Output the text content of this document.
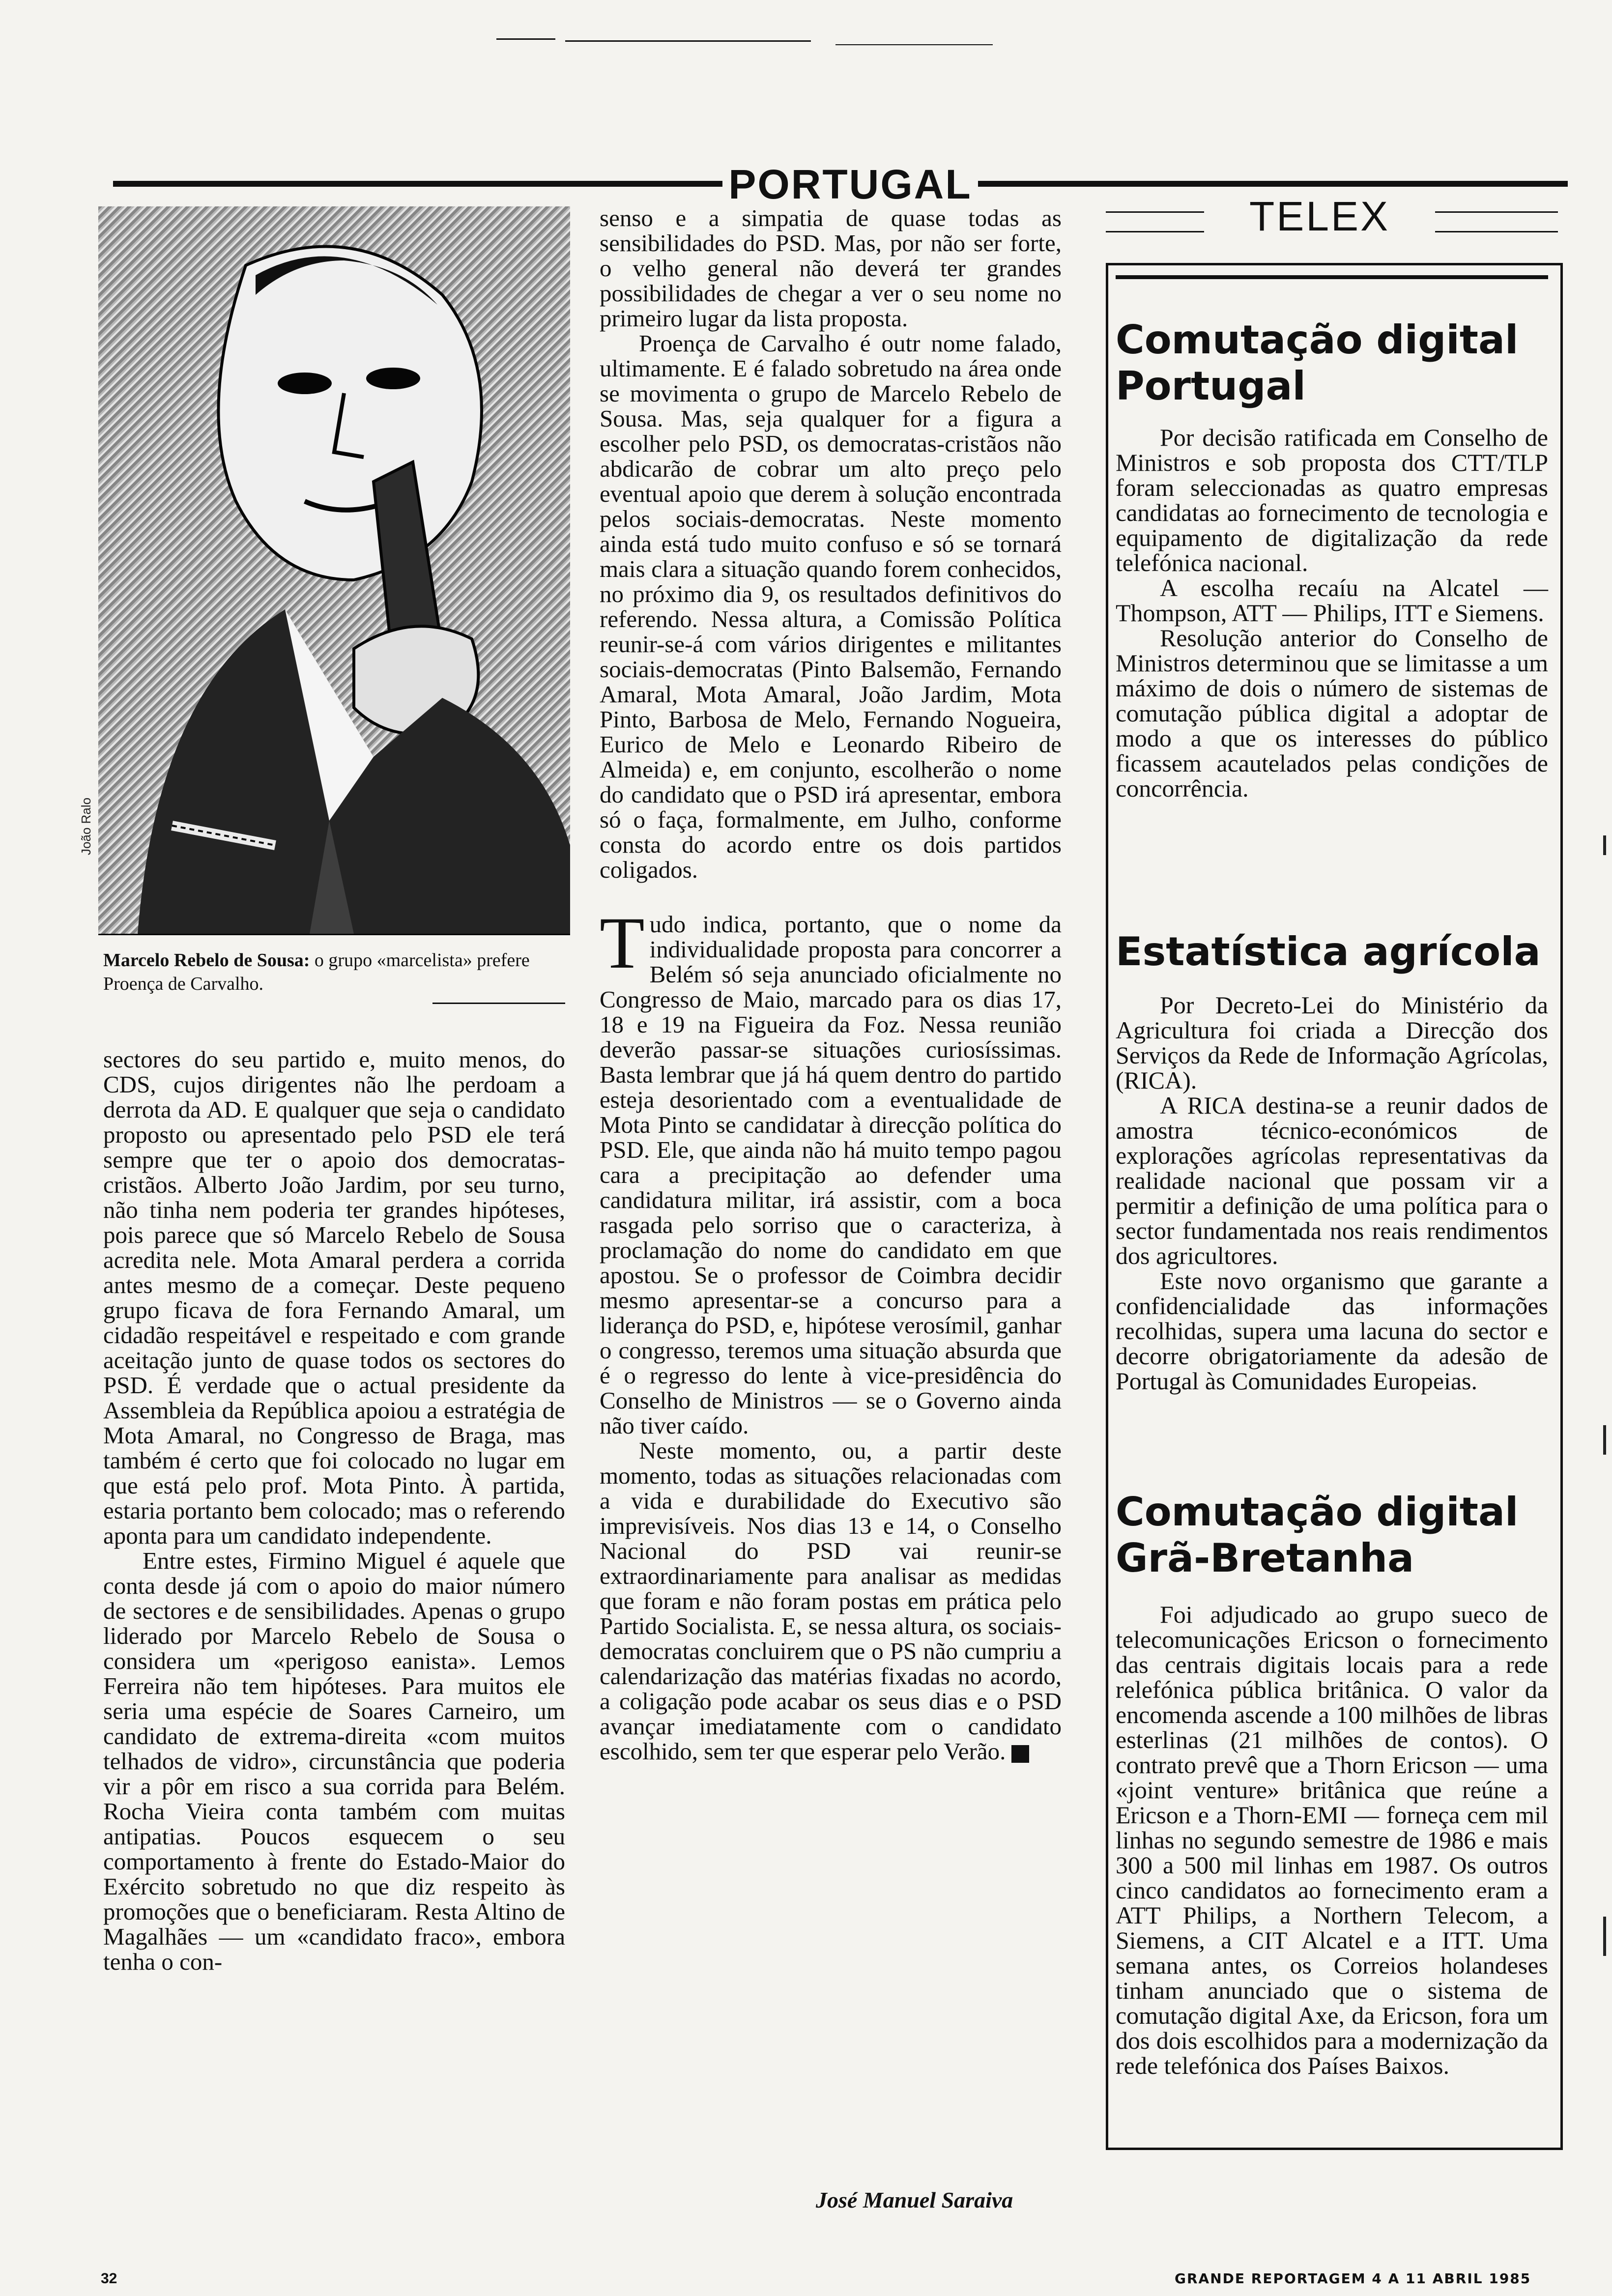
PORTUGAL
João Ralo
Marcelo Rebelo de Sousa: o grupo «marcelista» prefere Proença de Carvalho.

sectores do seu partido e, muito menos, do CDS, cujos dirigentes não lhe perdoam a derrota da AD. E qualquer que seja o candidato proposto ou apresentado pelo PSD ele terá sempre que ter o apoio dos democratas-cristãos. Alberto João Jardim, por seu turno, não tinha nem poderia ter grandes hipóteses, pois parece que só Marcelo Rebelo de Sousa acredita nele. Mota Amaral perdera a corrida antes mesmo de a começar. Deste pequeno grupo ficava de fora Fernando Amaral, um cidadão respeitável e respeitado e com grande aceitação junto de quase todos os sectores do PSD. É verdade que o actual presidente da Assembleia da República apoiou a estratégia de Mota Amaral, no Congresso de Braga, mas também é certo que foi colocado no lugar em que está pelo prof. Mota Pinto. À partida, estaria portanto bem colocado; mas o referendo aponta para um candidato independente.

Entre estes, Firmino Miguel é aquele que conta desde já com o apoio do maior número de sectores e de sensibilidades. Apenas o grupo liderado por Marcelo Rebelo de Sousa o considera um «perigoso eanista». Lemos Ferreira não tem hipóteses. Para muitos ele seria uma espécie de Soares Carneiro, um candidato de extrema-direita «com muitos telhados de vidro», circunstância que poderia vir a pôr em risco a sua corrida para Belém. Rocha Vieira conta também com muitas antipatias. Poucos esquecem o seu comportamento à frente do Estado-Maior do Exército sobretudo no que diz respeito às promoções que o beneficiaram. Resta Altino de Magalhães — um «candidato fraco», embora tenha o con-

senso e a simpatia de quase todas as sensibilidades do PSD. Mas, por não ser forte, o velho general não deverá ter grandes possibilidades de chegar a ver o seu nome no primeiro lugar da lista proposta.

Proença de Carvalho é outr nome falado, ultimamente. E é falado sobretudo na área onde se movimenta o grupo de Marcelo Rebelo de Sousa. Mas, seja qualquer for a figura a escolher pelo PSD, os democratas-cristãos não abdicarão de cobrar um alto preço pelo eventual apoio que derem à solução encontrada pelos sociais-democratas. Neste momento ainda está tudo muito confuso e só se tornará mais clara a situação quando forem conhecidos, no próximo dia 9, os resultados definitivos do referendo. Nessa altura, a Comissão Política reunir-se-á com vários dirigentes e militantes sociais-democratas (Pinto Balsemão, Fernando Amaral, Mota Amaral, João Jardim, Mota Pinto, Barbosa de Melo, Fernando Nogueira, Eurico de Melo e Leonardo Ribeiro de Almeida) e, em conjunto, escolherão o nome do candidato que o PSD irá apresentar, embora só o faça, formalmente, em Julho, conforme consta do acordo entre os dois partidos coligados.

Tudo indica, portanto, que o nome da individualidade proposta para concorrer a Belém só seja anunciado oficialmente no Congresso de Maio, marcado para os dias 17, 18 e 19 na Figueira da Foz. Nessa reunião deverão passar-se situações curiosíssimas. Basta lembrar que já há quem dentro do partido esteja desorientado com a eventualidade de Mota Pinto se candidatar à direcção política do PSD. Ele, que ainda não há muito tempo pagou cara a precipitação ao defender uma candidatura militar, irá assistir, com a boca rasgada pelo sorriso que o caracteriza, à proclamação do nome do candidato em que apostou. Se o professor de Coimbra decidir mesmo apresentar-se a concurso para a liderança do PSD, e, hipótese verosímil, ganhar o congresso, teremos uma situação absurda que é o regresso do lente à vice-presidência do Conselho de Ministros — se o Governo ainda não tiver caído.

Neste momento, ou, a partir deste momento, todas as situações relacionadas com a vida e durabilidade do Executivo são imprevisíveis. Nos dias 13 e 14, o Conselho Nacional do PSD vai reunir-se extraordinariamente para analisar as medidas que foram e não foram postas em prática pelo Partido Socialista. E, se nessa altura, os sociais-democratas concluirem que o PS não cumpriu a calendarização das matérias fixadas no acordo, a coligação pode acabar os seus dias e o PSD avançar imediatamente com o candidato escolhido, sem ter que esperar pelo Verão.

José Manuel Saraiva
TELEX
Comutação digital Portugal

Por decisão ratificada em Conselho de Ministros e sob proposta dos CTT/TLP foram seleccionadas as quatro empresas candidatas ao fornecimento de tecnologia e equipamento de digitalização da rede telefónica nacional.

A escolha recaíu na Alcatel — Thompson, ATT — Philips, ITT e Siemens.

Resolução anterior do Conselho de Ministros determinou que se limitasse a um máximo de dois o número de sistemas de comutação pública digital a adoptar de modo a que os interesses do público ficassem acautelados pelas condições de concorrência.

Estatística agrícola

Por Decreto-Lei do Ministério da Agricultura foi criada a Direcção dos Serviços da Rede de Informação Agrícolas, (RICA).

A RICA destina-se a reunir dados de amostra técnico-económicos de explorações agrícolas representativas da realidade nacional que possam vir a permitir a definição de uma política para o sector fundamentada nos reais rendimentos dos agricultores.

Este novo organismo que garante a confidencialidade das informações recolhidas, supera uma lacuna do sector e decorre obrigatoriamente da adesão de Portugal às Comunidades Europeias.

Comutação digital Grã-Bretanha

Foi adjudicado ao grupo sueco de telecomunicações Ericson o fornecimento das centrais digitais locais para a rede relefónica pública britânica. O valor da encomenda ascende a 100 milhões de libras esterlinas (21 milhões de contos). O contrato prevê que a Thorn Ericson — uma «joint venture» britânica que reúne a Ericson e a Thorn-EMI — forneça cem mil linhas no segundo semestre de 1986 e mais 300 a 500 mil linhas em 1987. Os outros cinco candidatos ao fornecimento eram a ATT Philips, a Northern Telecom, a Siemens, a CIT Alcatel e a ITT. Uma semana antes, os Correios holandeses tinham anunciado que o sistema de comutação digital Axe, da Ericson, fora um dos dois escolhidos para a modernização da rede telefónica dos Países Baixos.

32	GRANDE REPORTAGEM 4 A 11 ABRIL 1985
